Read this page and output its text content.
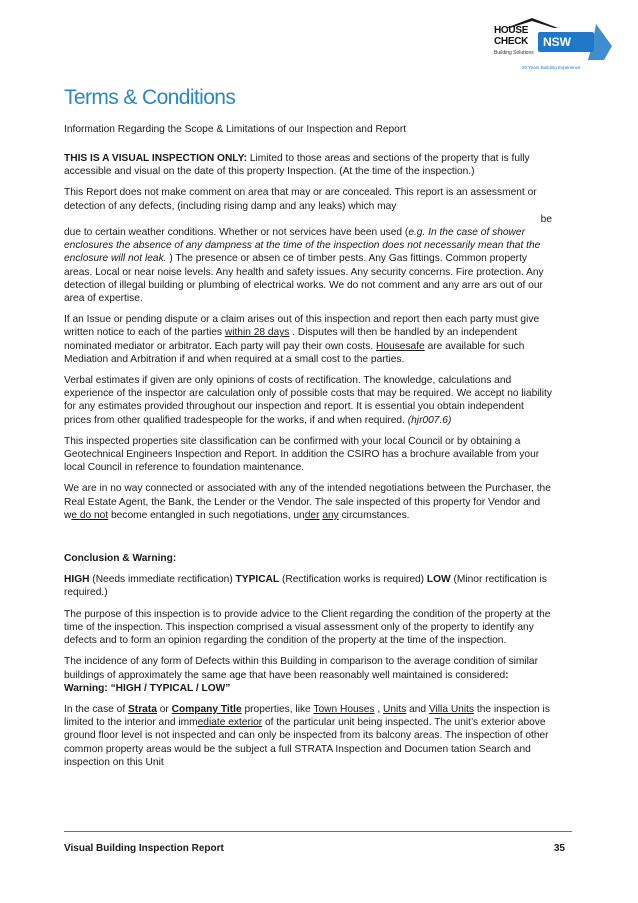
HOUSE
CHECK NSW
Building Solutions
20 Years Building Experience
Terms & Conditions
Information Regarding the Scope & Limitations of our Inspection and Report

THIS IS A VISUAL INSPECTION ONLY: Limited to those areas and sections of the property that is fully accessible and visual on the date of this property Inspection. (At the time of the inspection.)

This Report does not make comment on area that may or are concealed. This report is an assessment or detection of any defects, (including rising damp and any leaks) which may
be
due to certain weather conditions. Whether or not services have been used (e.g. In the case of shower enclosures the absence of any dampness at the time of the inspection does not necessarily mean that the enclosure will not leak. ) The presence or absen ce of timber pests. Any Gas fittings. Common property areas. Local or near noise levels. Any health and safety issues. Any security concerns. Fire protection. Any detection of illegal building or plumbing of electrical works. We do not comment and any arre ars out of our area of expertise.

If an Issue or pending dispute or a claim arises out of this inspection and report then each party must give written notice to each of the parties within 28 days . Disputes will then be handled by an independent nominated mediator or arbitrator. Each party will pay their own costs. Housesafe are available for such Mediation and Arbitration if and when required at a small cost to the parties.

Verbal estimates if given are only opinions of costs of rectification. The knowledge, calculations and experience of the inspector are calculation only of possible costs that may be required. We accept no liability for any estimates provided throughout our inspection and report. It is essential you obtain independent prices from other qualified tradespeople for the works, if and when required. (hjr007.6)

This inspected properties site classification can be confirmed with your local Council or by obtaining a Geotechnical Engineers Inspection and Report. In addition the CSIRO has a brochure available from your local Council in reference to foundation maintenance.

We are in no way connected or associated with any of the intended negotiations between the Purchaser, the Real Estate Agent, the Bank, the Lender or the Vendor. The sale inspected of this property for Vendor and we do not become entangled in such negotiations, under any circumstances.

Conclusion & Warning:

HIGH (Needs immediate rectification) TYPICAL (Rectification works is required) LOW (Minor rectification is required.)

The purpose of this inspection is to provide advice to the Client regarding the condition of the property at the time of the inspection. This inspection comprised a visual assessment only of the property to identify any defects and to form an opinion regarding the condition of the property at the time of the inspection.

The incidence of any form of Defects within this Building in comparison to the average condition of similar buildings of approximately the same age that have been reasonably well maintained is considered: Warning: “HIGH / TYPICAL / LOW”

In the case of Strata or Company Title properties, like Town Houses , Units and Villa Units the inspection is limited to the interior and immediate exterior of the particular unit being inspected. The unit’s exterior above ground floor level is not inspected and can only be inspected from its balcony areas. The inspection of other common property areas would be the subject a full STRATA Inspection and Documen tation Search and inspection on this Unit

Visual Building Inspection Report	35
